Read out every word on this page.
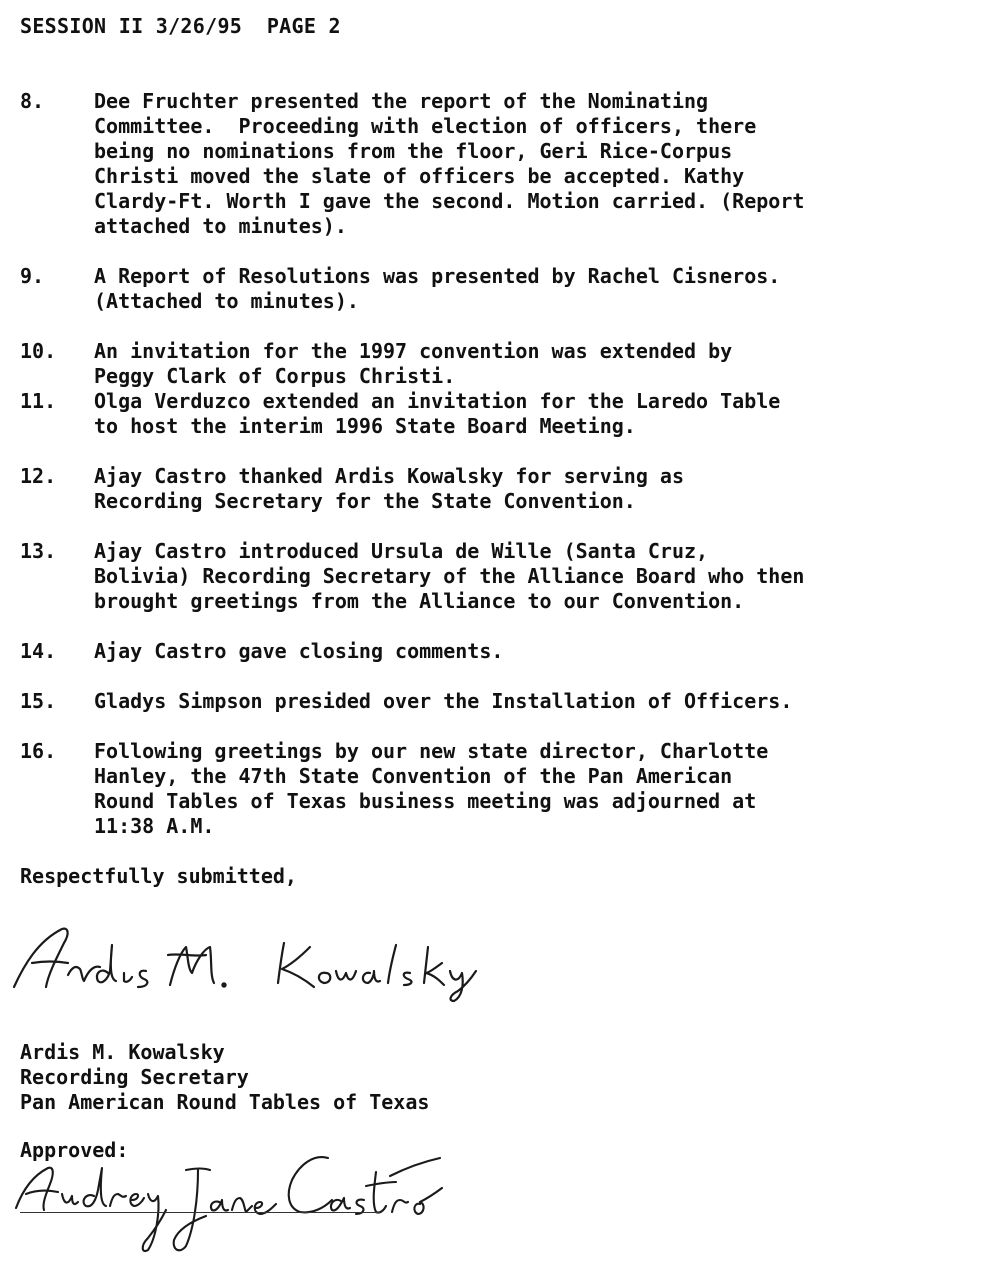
SESSION II 3/26/95  PAGE 2
8.	Dee Fruchter presented the report of the Nominating
Committee.  Proceeding with election of officers, there
being no nominations from the floor, Geri Rice-Corpus
Christi moved the slate of officers be accepted. Kathy
Clardy-Ft. Worth I gave the second. Motion carried. (Report
attached to minutes).
9.	A Report of Resolutions was presented by Rachel Cisneros.
(Attached to minutes).
10.	An invitation for the 1997 convention was extended by
Peggy Clark of Corpus Christi.
11.	Olga Verduzco extended an invitation for the Laredo Table
to host the interim 1996 State Board Meeting.
12.	Ajay Castro thanked Ardis Kowalsky for serving as
Recording Secretary for the State Convention.
13.	Ajay Castro introduced Ursula de Wille (Santa Cruz,
Bolivia) Recording Secretary of the Alliance Board who then
brought greetings from the Alliance to our Convention.
14.	Ajay Castro gave closing comments.
15.	Gladys Simpson presided over the Installation of Officers.
16.	Following greetings by our new state director, Charlotte
Hanley, the 47th State Convention of the Pan American
Round Tables of Texas business meeting was adjourned at
11:38 A.M.
Respectfully submitted,
Ardis M. Kowalsky
Recording Secretary
Pan American Round Tables of Texas
Approved:
